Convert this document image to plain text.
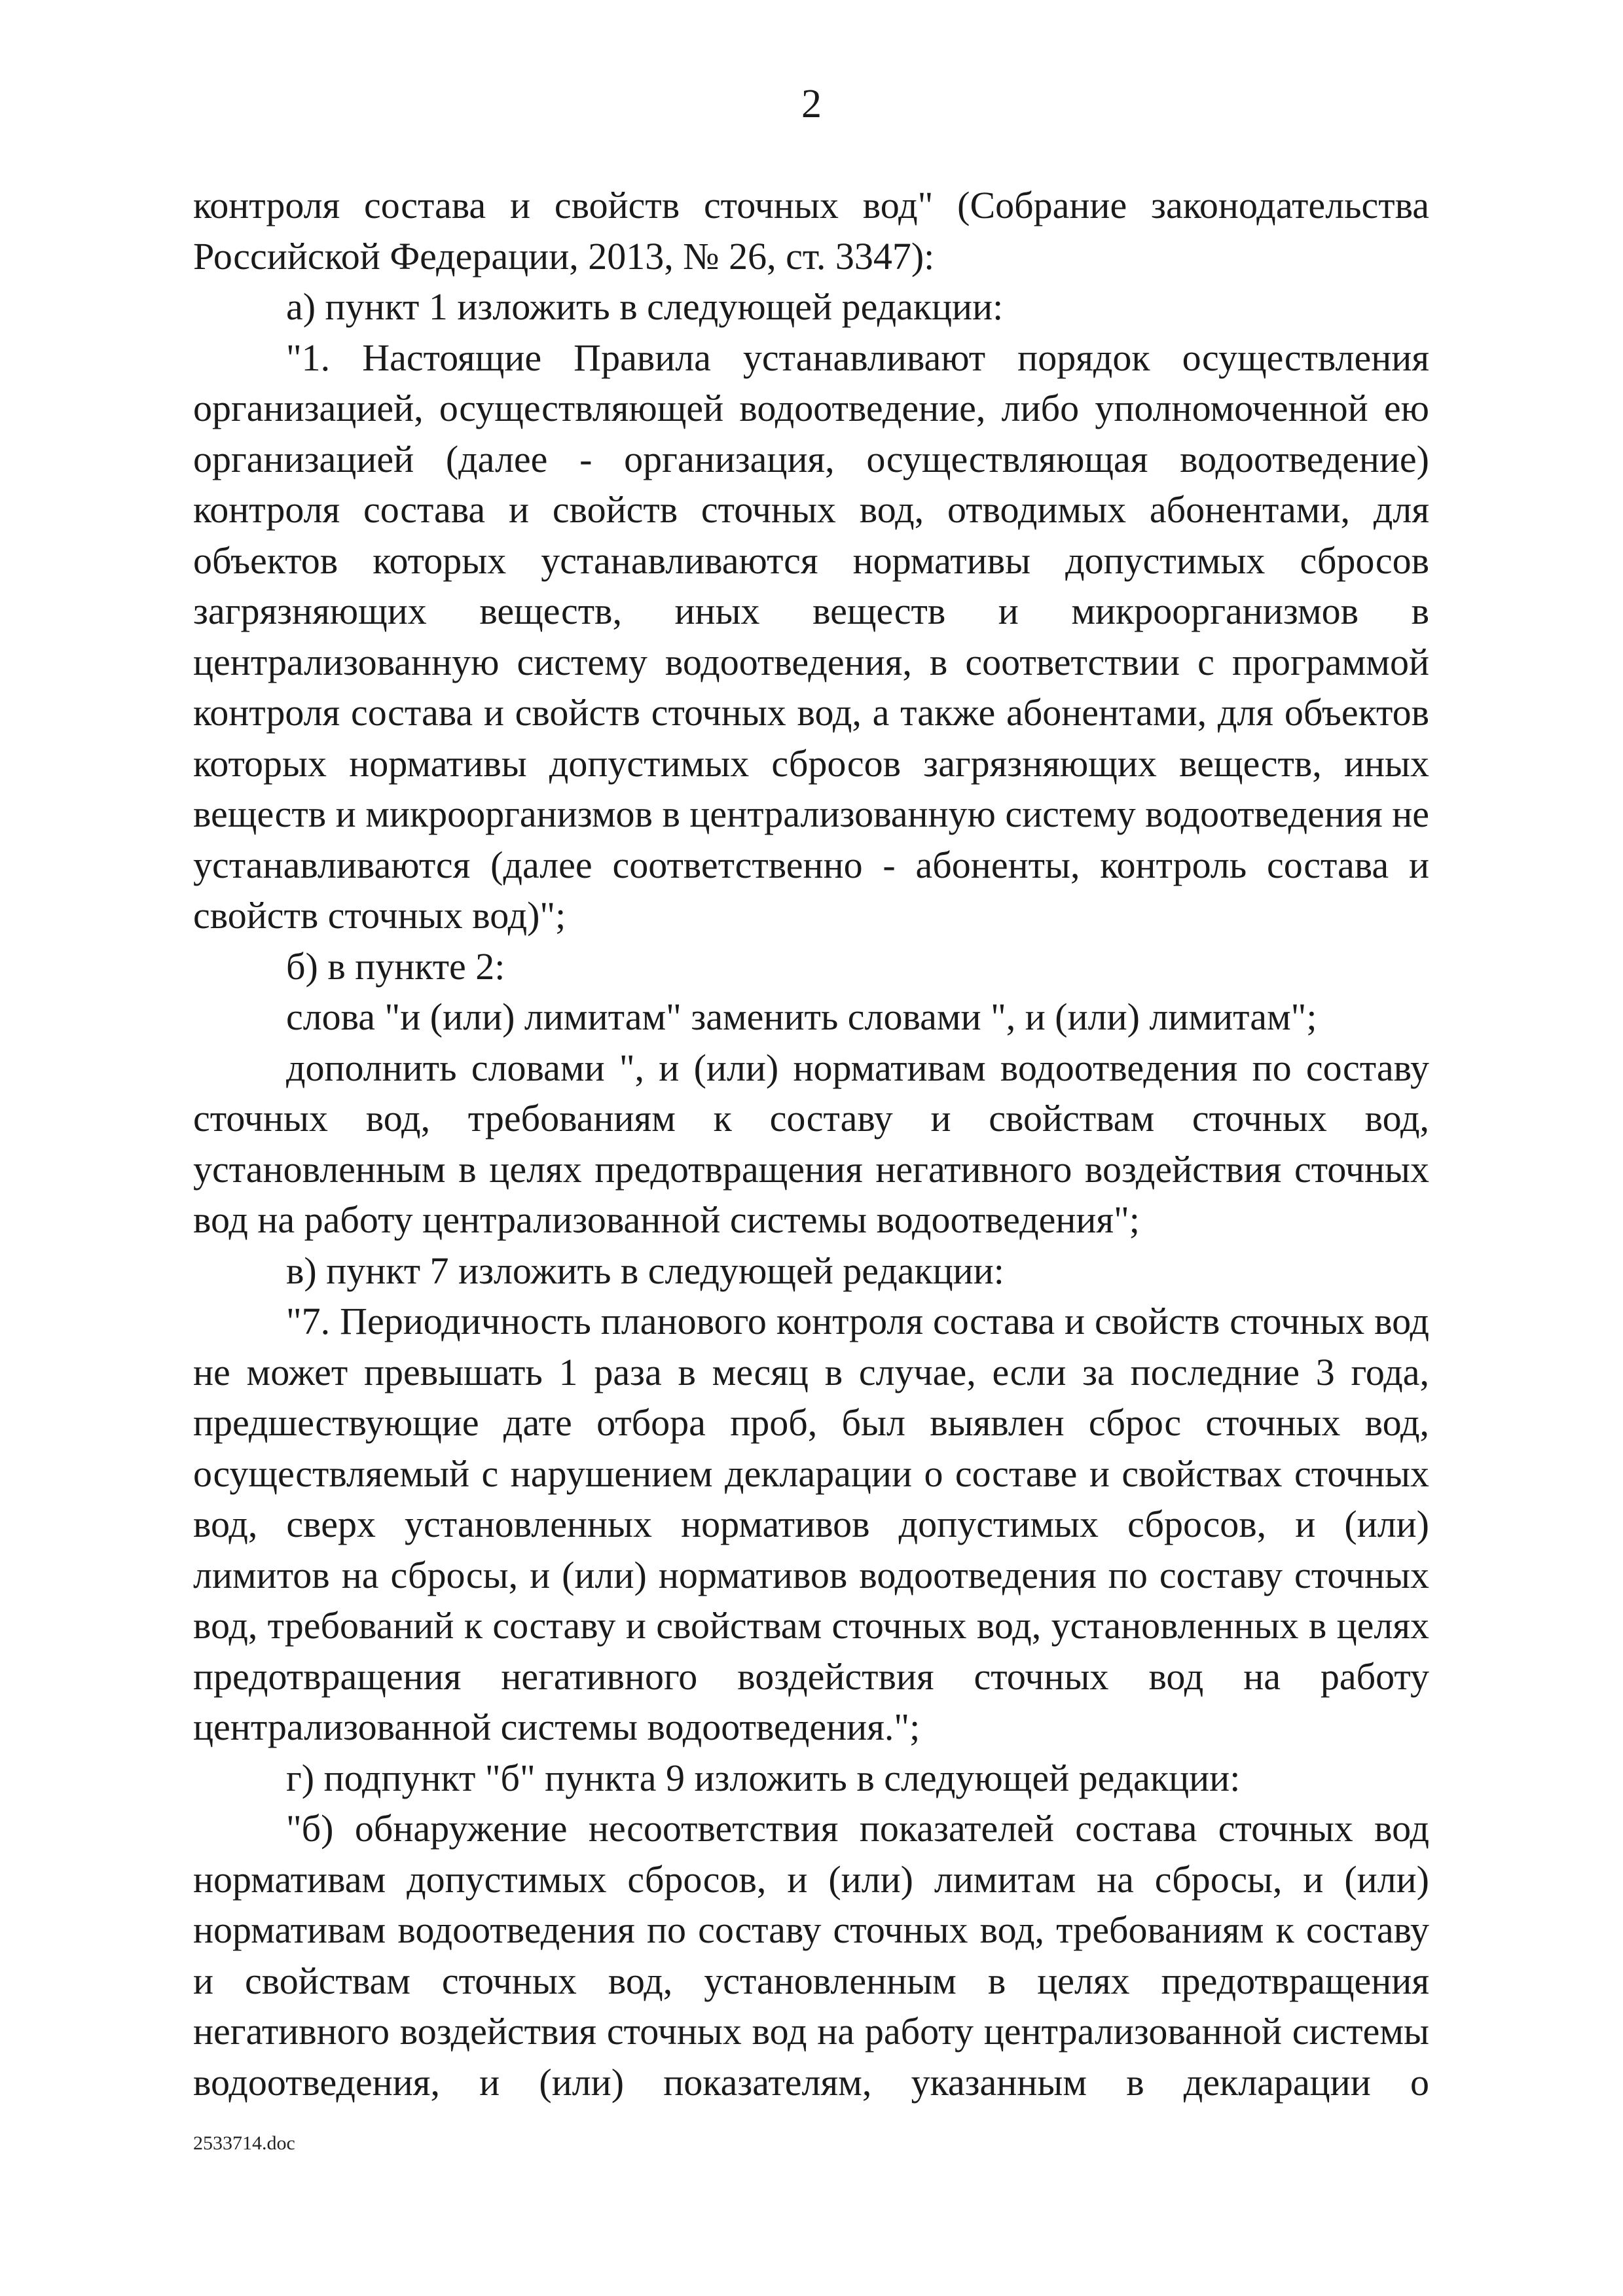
2

контроля состава и свойств сточных вод" (Собрание законодательства Российской Федерации, 2013, № 26, ст. 3347):

а) пункт 1 изложить в следующей редакции:

"1. Настоящие Правила устанавливают порядок осуществления организацией, осуществляющей водоотведение, либо уполномоченной ею организацией (далее - организация, осуществляющая водоотведение) контроля состава и свойств сточных вод, отводимых абонентами, для объектов которых устанавливаются нормативы допустимых сбросов загрязняющих веществ, иных веществ и микроорганизмов в централизованную систему водоотведения, в соответствии с программой контроля состава и свойств сточных вод, а также абонентами, для объектов которых нормативы допустимых сбросов загрязняющих веществ, иных веществ и микроорганизмов в централизованную систему водоотведения не устанавливаются (далее соответственно - абоненты, контроль состава и свойств сточных вод)";

б) в пункте 2:

слова "и (или) лимитам" заменить словами ", и (или) лимитам";

дополнить словами ", и (или) нормативам водоотведения по составу сточных вод, требованиям к составу и свойствам сточных вод, установленным в целях предотвращения негативного воздействия сточных вод на работу централизованной системы водоотведения";

в) пункт 7 изложить в следующей редакции:

"7. Периодичность планового контроля состава и свойств сточных вод не может превышать 1 раза в месяц в случае, если за последние 3 года, предшествующие дате отбора проб, был выявлен сброс сточных вод, осуществляемый с нарушением декларации о составе и свойствах сточных вод, сверх установленных нормативов допустимых сбросов, и (или) лимитов на сбросы, и (или) нормативов водоотведения по составу сточных вод, требований к составу и свойствам сточных вод, установленных в целях предотвращения негативного воздействия сточных вод на работу централизованной системы водоотведения.";

г) подпункт "б" пункта 9 изложить в следующей редакции:

"б) обнаружение несоответствия показателей состава сточных вод нормативам допустимых сбросов, и (или) лимитам на сбросы, и (или) нормативам водоотведения по составу сточных вод, требованиям к составу и свойствам сточных вод, установленным в целях предотвращения негативного воздействия сточных вод на работу централизованной системы водоотведения, и (или) показателям, указанным в декларации о

2533714.doc
